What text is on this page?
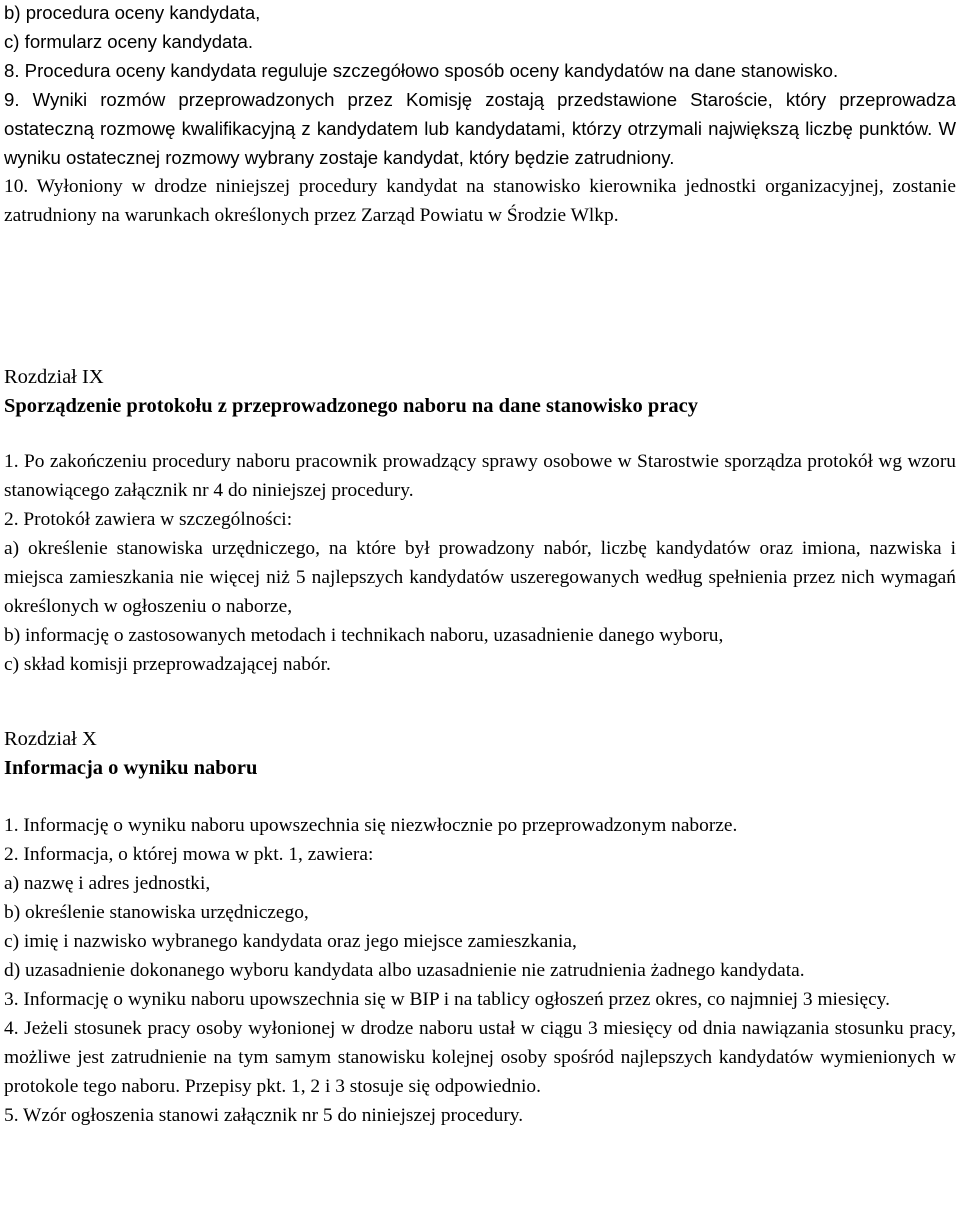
b) procedura oceny kandydata,

c) formularz oceny kandydata.

8. Procedura oceny kandydata reguluje szczegółowo sposób oceny kandydatów na dane stanowisko.

9. Wyniki rozmów przeprowadzonych przez Komisję zostają przedstawione Staroście, który przeprowadza ostateczną rozmowę kwalifikacyjną z kandydatem lub kandydatami, którzy otrzymali największą liczbę punktów. W wyniku ostatecznej rozmowy wybrany zostaje kandydat, który będzie zatrudniony.

10. Wyłoniony w drodze niniejszej procedury kandydat na stanowisko kierownika jednostki organizacyjnej, zostanie zatrudniony na warunkach określonych przez Zarząd Powiatu w Środzie Wlkp.

Rozdział IX

Sporządzenie protokołu z przeprowadzonego naboru na dane stanowisko pracy

1. Po zakończeniu procedury naboru pracownik prowadzący sprawy osobowe w Starostwie sporządza protokół wg wzoru stanowiącego załącznik nr 4 do niniejszej procedury.

2. Protokół zawiera w szczególności:

a) określenie stanowiska urzędniczego, na które był prowadzony nabór, liczbę kandydatów oraz imiona, nazwiska i miejsca zamieszkania nie więcej niż 5 najlepszych kandydatów uszeregowanych według spełnienia przez nich wymagań określonych w ogłoszeniu o naborze,

b) informację o zastosowanych metodach i technikach naboru, uzasadnienie danego wyboru,

c) skład komisji przeprowadzającej nabór.

Rozdział X

Informacja o wyniku naboru

1. Informację o wyniku naboru upowszechnia się niezwłocznie po przeprowadzonym naborze.

2. Informacja, o której mowa w pkt. 1, zawiera:

a) nazwę i adres jednostki,

b) określenie stanowiska urzędniczego,

c) imię i nazwisko wybranego kandydata oraz jego miejsce zamieszkania,

d) uzasadnienie dokonanego wyboru kandydata albo uzasadnienie nie zatrudnienia żadnego kandydata.

3. Informację o wyniku naboru upowszechnia się w BIP i na tablicy ogłoszeń przez okres, co najmniej 3 miesięcy.

4. Jeżeli stosunek pracy osoby wyłonionej w drodze naboru ustał w ciągu 3 miesięcy od dnia nawiązania stosunku pracy, możliwe jest zatrudnienie na tym samym stanowisku kolejnej osoby spośród najlepszych kandydatów wymienionych w protokole tego naboru. Przepisy pkt. 1, 2 i 3 stosuje się odpowiednio.

5. Wzór ogłoszenia stanowi załącznik nr 5 do niniejszej procedury.
